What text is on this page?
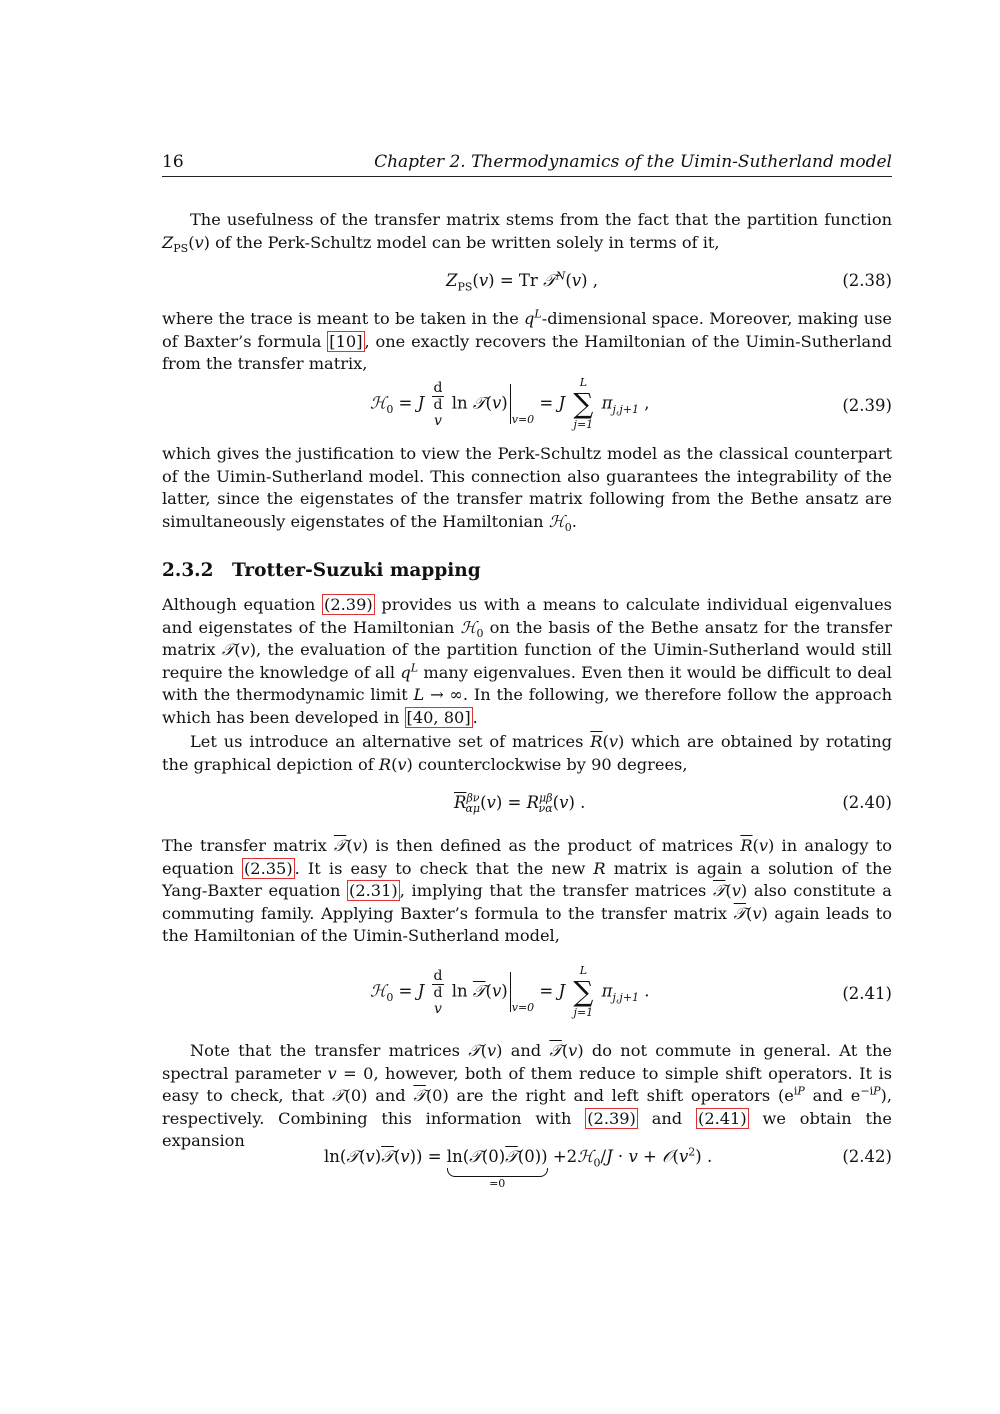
16	Chapter 2. Thermodynamics of the Uimin-Sutherland model
The usefulness of the transfer matrix stems from the fact that the partition function $Z_{PS}(v)$ of the Perk-Schultz model can be written solely in terms of it,
$Z_{PS}(v) = Tr$ 𝒯$^N$(v) ,	(2.38)
where the trace is meant to be taken in the $q^L$-dimensional space. Moreover, making use of Baxter’s formula [10] , one exactly recovers the Hamiltonian of the Uimin-Sutherland from the transfer matrix,
ℋ$_0$ = J d
d
v $\ln 𝒯(v)_{v=0} = J$
L
∑
j=1
$\pi_{j,j+1}$ ,	(2.39)
which gives the justification to view the Perk-Schultz model as the classical counterpart of the Uimin-Sutherland model. This connection also guarantees the integrability of the latter, since the eigenstates of the transfer matrix following from the Bethe ansatz are simultaneously eigenstates of the Hamiltonian ℋ$_0$.
2.3.2 Trotter-Suzuki mapping
Although equation (2.39) provides us with a means to calculate individual eigenvalues and eigenstates of the Hamiltonian ℋ$_0$ on the basis of the Bethe ansatz for the transfer matrix 𝒯(v), the evaluation of the partition function of the Uimin-Sutherland would still require the knowledge of all $q^L$ many eigenvalues. Even then it would be difficult to deal with the thermodynamic limit L → ∞. In the following, we therefore follow the approach which has been developed in [40, 80] .
Let us introduce an alternative set of matrices $\overline{R}(v)$ which are obtained by rotating the graphical depiction of R(v) counterclockwise by 90 degrees,
$\overline{R}^{\beta\nu}_{\alpha\mu}(v) = R^{\mu\beta}_{\nu\alpha}(v)$ .	(2.40)
The transfer matrix 𝒯(v) is then defined as the product of matrices $\overline{R}(v)$ in analogy to equation (2.35) . It is easy to check that the new R matrix is again a solution of the Yang-Baxter equation (2.31) , implying that the transfer matrices 𝒯(v) also constitute a commuting family. Applying Baxter’s formula to the transfer matrix 𝒯(v) again leads to the Hamiltonian of the Uimin-Sutherland model,
ℋ$_0$ = J d
d
v $\ln 𝒯(v)_{v=0} = J$
L
∑
j=1
$\pi_{j,j+1}$ .	(2.41)
Note that the transfer matrices 𝒯(v) and 𝒯(v) do not commute in general. At the spectral parameter v = 0, however, both of them reduce to simple shift operators. It is easy to check, that 𝒯(0) and 𝒯(0) are the right and left shift operators ($e^{iP}$ and $e^{-iP}$), respectively. Combining this information with (2.39) and (2.41) we obtain the expansion
ln(𝒯(v)𝒯(v)) = ln(𝒯(0)𝒯(0))
=0
+2ℋ$_0$/J · $v + 𝒪(v^2)$ .	(2.42)
